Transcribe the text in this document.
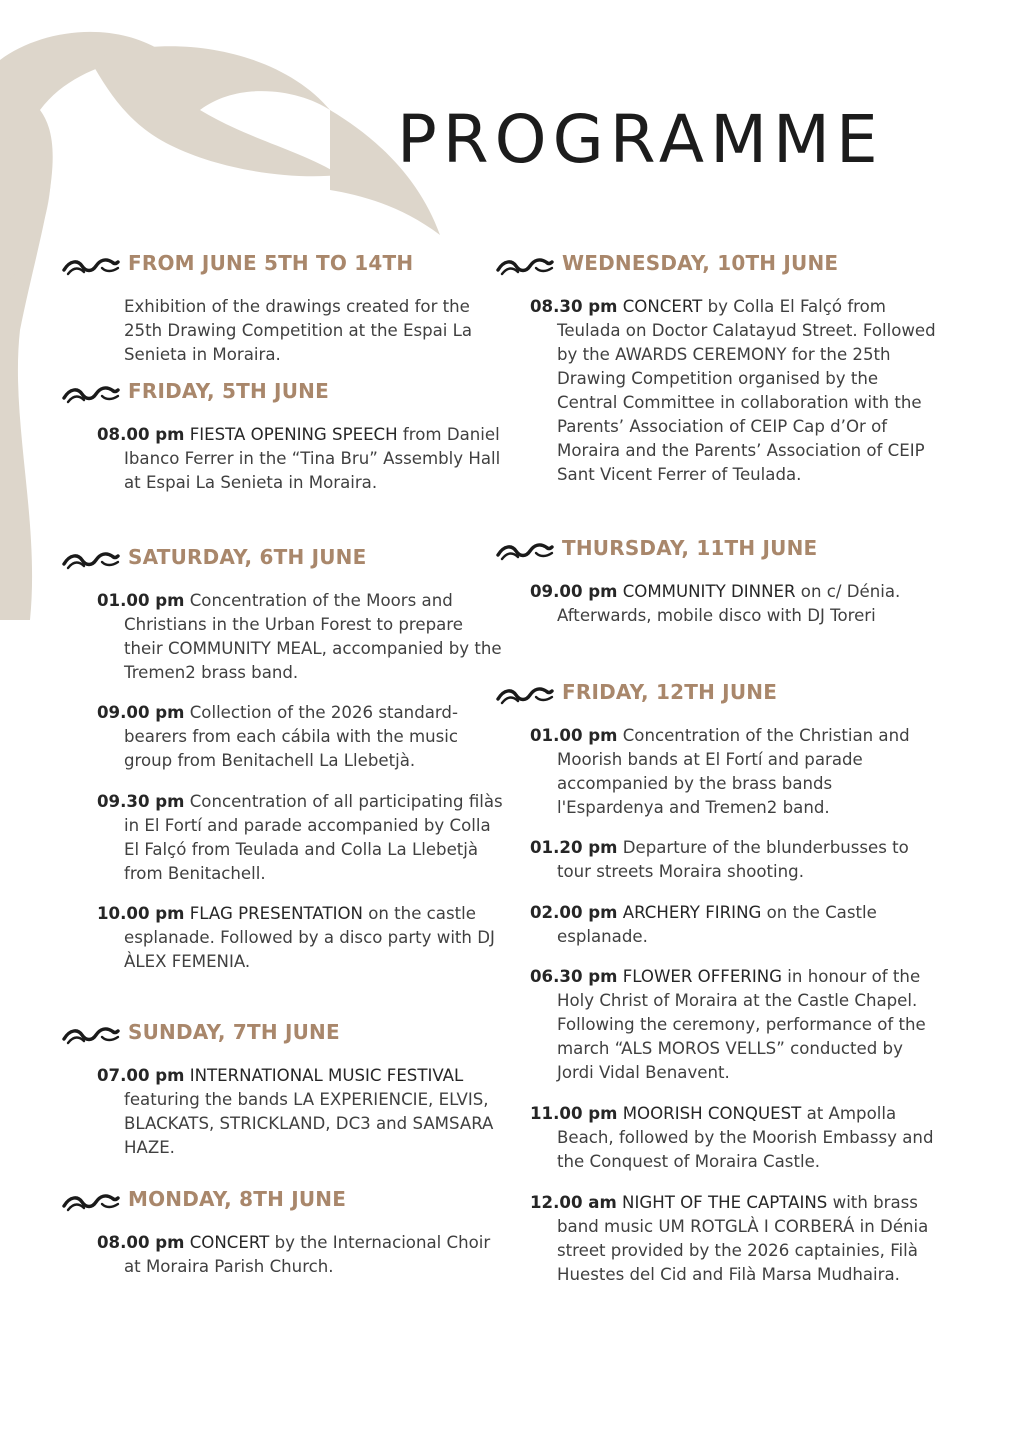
PROGRAMME
FROM JUNE 5TH TO 14TH

Exhibition of the drawings created for the 25th Drawing Competition at the Espai La Senieta in Moraira.

FRIDAY, 5TH JUNE

08.00 pm FIESTA OPENING SPEECH from Daniel Ibanco Ferrer in the “Tina Bru” Assembly Hall at Espai La Senieta in Moraira.

SATURDAY, 6TH JUNE

01.00 pm Concentration of the Moors and Christians in the Urban Forest to prepare their COMMUNITY MEAL, accompanied by the Tremen2 brass band.

09.00 pm Collection of the 2026 standard-bearers from each cábila with the music group from Benitachell La Llebetjà.

09.30 pm Concentration of all participating filàs in El Fortí and parade accompanied by Colla El Falçó from Teulada and Colla La Llebetjà from Benitachell.

10.00 pm FLAG PRESENTATION on the castle esplanade. Followed by a disco party with DJ ÀLEX FEMENIA.

SUNDAY, 7TH JUNE

07.00 pm INTERNATIONAL MUSIC FESTIVAL featuring the bands LA EXPERIENCIE, ELVIS, BLACKATS, STRICKLAND, DC3 and SAMSARA HAZE.

MONDAY, 8TH JUNE

08.00 pm CONCERT by the Internacional Choir at Moraira Parish Church.

WEDNESDAY, 10TH JUNE

08.30 pm CONCERT by Colla El Falçó from Teulada on Doctor Calatayud Street. Followed by the AWARDS CEREMONY for the 25th Drawing Competition organised by the Central Committee in collaboration with the Parents’ Association of CEIP Cap d’Or of Moraira and the Parents’ Association of CEIP Sant Vicent Ferrer of Teulada.

THURSDAY, 11TH JUNE

09.00 pm COMMUNITY DINNER on c/ Dénia. Afterwards, mobile disco with DJ Toreri

FRIDAY, 12TH JUNE

01.00 pm Concentration of the Christian and Moorish bands at El Fortí and parade accompanied by the brass bands l'Espardenya and Tremen2 band.

01.20 pm Departure of the blunderbusses to tour streets Moraira shooting.

02.00 pm ARCHERY FIRING on the Castle esplanade.

06.30 pm FLOWER OFFERING in honour of the Holy Christ of Moraira at the Castle Chapel. Following the ceremony, performance of the march “ALS MOROS VELLS” conducted by Jordi Vidal Benavent.

11.00 pm MOORISH CONQUEST at Ampolla Beach, followed by the Moorish Embassy and the Conquest of Moraira Castle.

12.00 am NIGHT OF THE CAPTAINS with brass band music UM ROTGLÀ I CORBERÁ in Dénia street provided by the 2026 captainies, Filà Huestes del Cid and Filà Marsa Mudhaira.
